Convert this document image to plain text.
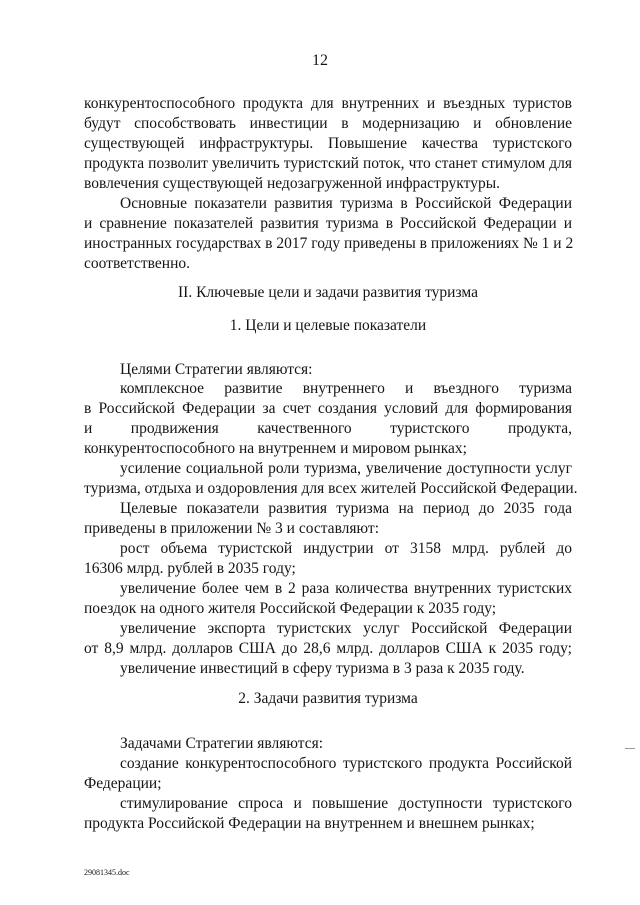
12
конкурентоспособного продукта для внутренних и въездных туристов
будут способствовать инвестиции в модернизацию и обновление
существующей инфраструктуры. Повышение качества туристского
продукта позволит увеличить туристский поток, что станет стимулом для
вовлечения существующей недозагруженной инфраструктуры.
Основные показатели развития туризма в Российской Федерации
и сравнение показателей развития туризма в Российской Федерации и
иностранных государствах в 2017 году приведены в приложениях № 1 и 2
соответственно.
II. Ключевые цели и задачи развития туризма
1. Цели и целевые показатели
Целями Стратегии являются:
комплексное развитие внутреннего и въездного туризма
в Российской Федерации за счет создания условий для формирования
и продвижения качественного туристского продукта,
конкурентоспособного на внутреннем и мировом рынках;
усиление социальной роли туризма, увеличение доступности услуг
туризма, отдыха и оздоровления для всех жителей Российской Федерации.
Целевые показатели развития туризма на период до 2035 года
приведены в приложении № 3 и составляют:
рост объема туристской индустрии от 3158 млрд. рублей до
16306 млрд. рублей в 2035 году;
увеличение более чем в 2 раза количества внутренних туристских
поездок на одного жителя Российской Федерации к 2035 году;
увеличение экспорта туристских услуг Российской Федерации
от 8,9 млрд. долларов США до 28,6 млрд. долларов США к 2035 году;
увеличение инвестиций в сферу туризма в 3 раза к 2035 году.
2. Задачи развития туризма
Задачами Стратегии являются:
создание конкурентоспособного туристского продукта Российской
Федерации;
стимулирование спроса и повышение доступности туристского
продукта Российской Федерации на внутреннем и внешнем рынках;
29081345.doc
